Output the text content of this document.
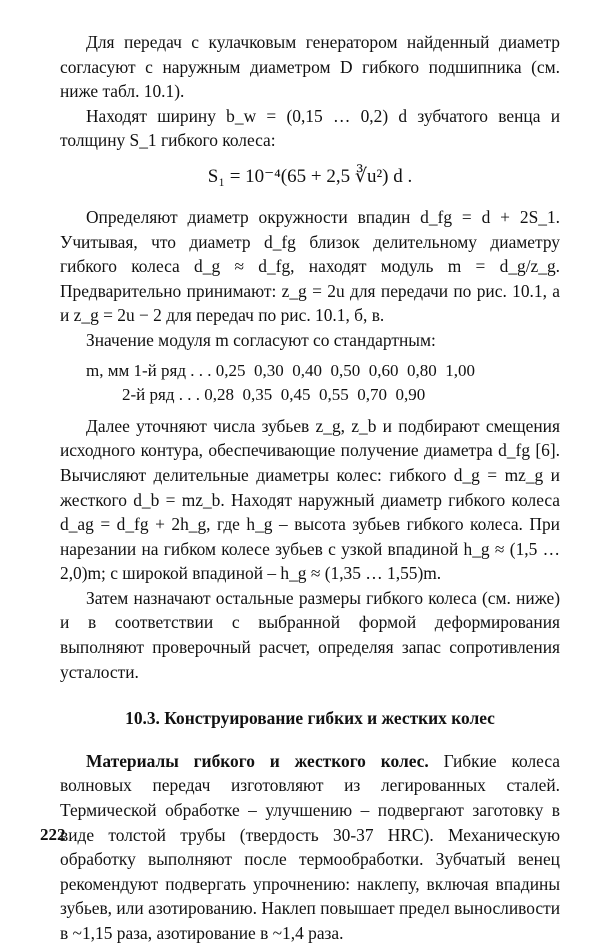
Для передач с кулачковым генератором найденный диаметр согласуют с наружным диаметром D гибкого подшипника (см. ниже табл. 10.1).

Находят ширину b_w = (0,15 … 0,2) d зубчатого венца и толщину S_1 гибкого колеса:

S₁ = 10⁻⁴(65 + 2,5 ∛u²) d .

Определяют диаметр окружности впадин d_fg = d + 2S_1. Учитывая, что диаметр d_fg близок делительному диаметру гибкого колеса d_g ≈ d_fg, находят модуль m = d_g/z_g. Предварительно принимают: z_g = 2u для передачи по рис. 10.1, а и z_g = 2u − 2 для передач по рис. 10.1, б, в.

Значение модуля m согласуют со стандартным:

m, мм 1-й ряд . . . 0,25  0,30  0,40  0,50  0,60  0,80  1,00

2-й ряд . . . 0,28  0,35  0,45  0,55  0,70  0,90

Далее уточняют числа зубьев z_g, z_b и подбирают смещения исходного контура, обеспечивающие получение диаметра d_fg [6]. Вычисляют делительные диаметры колес: гибкого d_g = mz_g и жесткого d_b = mz_b. Находят наружный диаметр гибкого колеса d_ag = d_fg + 2h_g, где h_g – высота зубьев гибкого колеса. При нарезании на гибком колесе зубьев с узкой впадиной h_g ≈ (1,5 … 2,0)m; с широкой впадиной – h_g ≈ (1,35 … 1,55)m.

Затем назначают остальные размеры гибкого колеса (см. ниже) и в соответствии с выбранной формой деформирования выполняют проверочный расчет, определяя запас сопротивления усталости.

10.3. Конструирование гибких и жестких колес

Материалы гибкого и жесткого колес. Гибкие колеса волновых передач изготовляют из легированных сталей. Термической обработке – улучшению – подвергают заготовку в виде толстой трубы (твердость 30-37 HRC). Механическую обработку выполняют после термообработки. Зубчатый венец рекомендуют подвергать упрочнению: наклепу, включая впадины зубьев, или азотированию. Наклеп повышает предел выносливости в ~1,15 раза, азотирование в ~1,4 раза.

222
